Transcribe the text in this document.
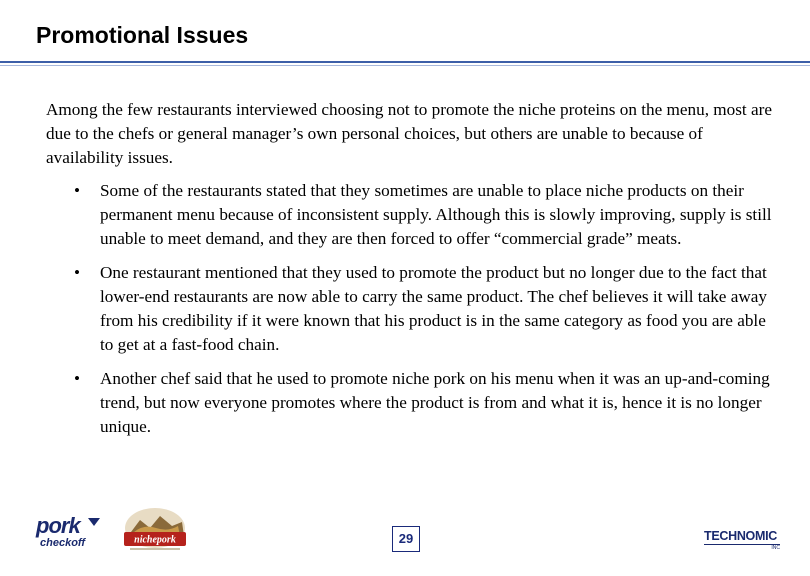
Promotional Issues

Among the few restaurants interviewed choosing not to promote the niche proteins on the menu, most are due to the chefs or general manager’s own personal choices, but others are unable to because of availability issues.

• Some of the restaurants stated that they sometimes are unable to place niche products on their permanent menu because of inconsistent supply. Although this is slowly improving, supply is still unable to meet demand, and they are then forced to offer “commercial grade” meats.
• One restaurant mentioned that they used to promote the product but no longer due to the fact that lower-end restaurants are now able to carry the same product. The chef believes it will take away from his credibility if it were known that his product is in the same category as food you are able to get at a fast-food chain.
• Another chef said that he used to promote niche pork on his menu when it was an up-and-coming trend, but now everyone promotes where the product is from and what it is, hence it is no longer unique.
pork
checkoff	nichepork	29	TECHNOMIC
INC
